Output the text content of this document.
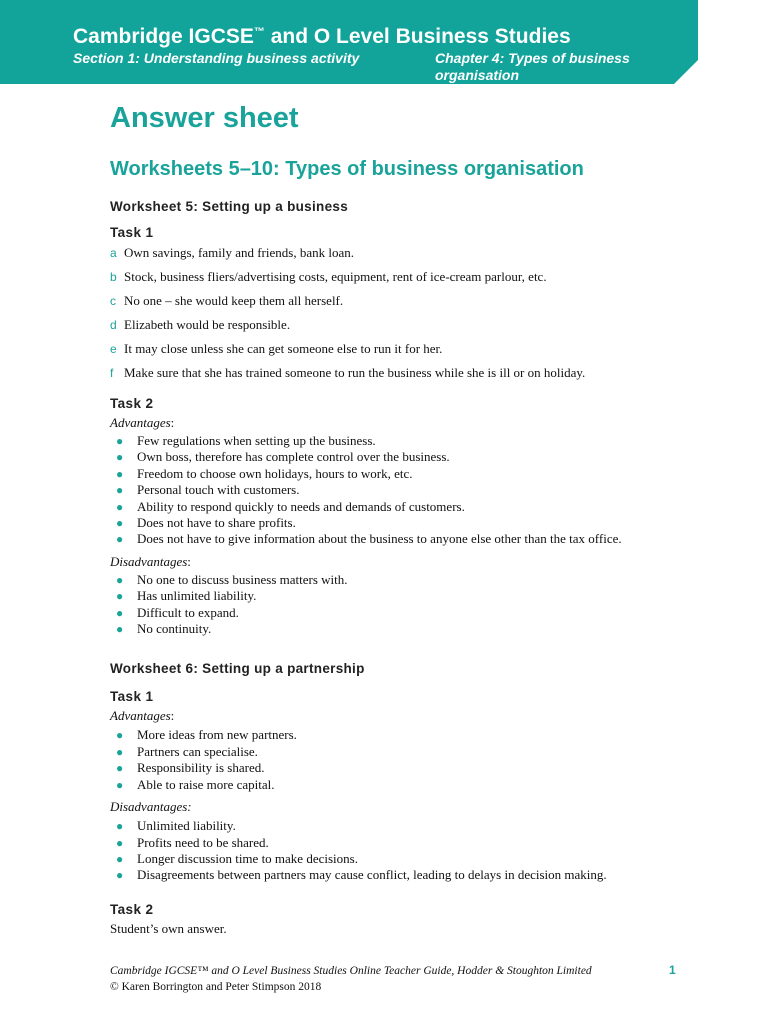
Cambridge IGCSE™ and O Level Business Studies
Section 1: Understanding business activity	Chapter 4: Types of business organisation
Answer sheet
Worksheets 5–10: Types of business organisation
Worksheet 5: Setting up a business
Task 1
a Own savings, family and friends, bank loan.
b Stock, business fliers/advertising costs, equipment, rent of ice-cream parlour, etc.
c No one – she would keep them all herself.
d Elizabeth would be responsible.
e It may close unless she can get someone else to run it for her.
f Make sure that she has trained someone to run the business while she is ill or on holiday.
Task 2

Advantages:

● Few regulations when setting up the business.
● Own boss, therefore has complete control over the business.
● Freedom to choose own holidays, hours to work, etc.
● Personal touch with customers.
● Ability to respond quickly to needs and demands of customers.
● Does not have to share profits.
● Does not have to give information about the business to anyone else other than the tax office.

Disadvantages:

● No one to discuss business matters with.
● Has unlimited liability.
● Difficult to expand.
● No continuity.
Worksheet 6: Setting up a partnership
Task 1

Advantages:

● More ideas from new partners.
● Partners can specialise.
● Responsibility is shared.
● Able to raise more capital.

Disadvantages:

● Unlimited liability.
● Profits need to be shared.
● Longer discussion time to make decisions.
● Disagreements between partners may cause conflict, leading to delays in decision making.
Task 2

Student’s own answer.

Cambridge IGCSE™ and O Level Business Studies Online Teacher Guide, Hodder & Stoughton Limited
© Karen Borrington and Peter Stimpson 2018
1
